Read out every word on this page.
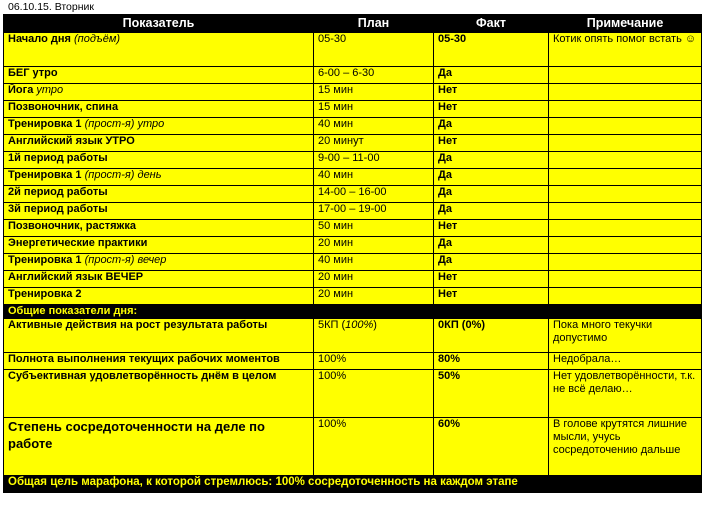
06.10.15. Вторник
Показатель	План	Факт	Примечание
Начало дня (подъём)	05-30	05-30	Котик опять помог встать ☺
БЕГ утро	6-00 – 6-30	Да	
Йога утро	15 мин	Нет	
Позвоночник, спина	15 мин	Нет	
Тренировка 1 (прост-я) утро	40 мин	Да	
Английский язык УТРО	20 минут	Нет	
1й период работы	9-00 – 11-00	Да	
Тренировка 1 (прост-я) день	40 мин	Да	
2й период работы	14-00 – 16-00	Да	
3й период работы	17-00 – 19-00	Да	
Позвоночник, растяжка	50 мин	Нет	
Энергетические практики	20 мин	Да	
Тренировка 1 (прост-я) вечер	40 мин	Да	
Английский язык ВЕЧЕР	20 мин	Нет	
Тренировка 2	20 мин	Нет	
Общие показатели дня:			
Активные действия на рост результата работы	5КП (100%)	0КП (0%)	Пока много текучки допустимо
Полнота выполнения текущих рабочих моментов	100%	80%	Недобрала…
Субъективная удовлетворённость днём в целом	100%	50%	Нет удовлетворённости, т.к. не всё делаю…
Степень сосредоточенности на деле по работе	100%	60%	В голове крутятся лишние мысли, учусь сосредоточению дальше
Общая цель марафона, к которой стремлюсь: 100% сосредоточенность на каждом этапе			
